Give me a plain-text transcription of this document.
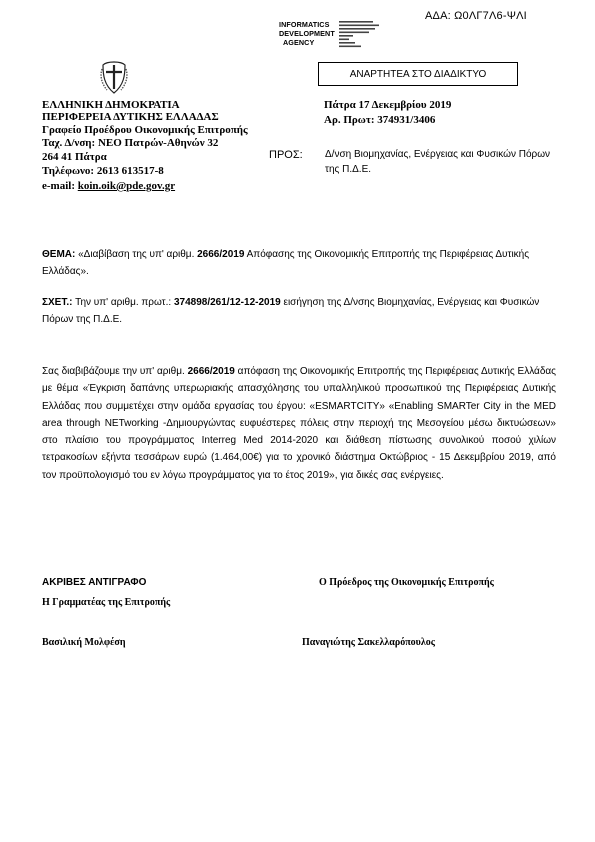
ΑΔΑ: Ω0ΛΓ7Λ6-ΨΛΙ
INFORMATICS
DEVELOPMENT
AGENCY
ΑΝΑΡΤΗΤΕΑ ΣΤΟ ΔΙΑΔΙΚΤΥΟ
ΕΛΛΗΝΙΚΗ ΔΗΜΟΚΡΑΤΙΑ
ΠΕΡΙΦΕΡΕΙΑ ΔΥΤΙΚΗΣ ΕΛΛΑΔΑΣ
Γραφείο Προέδρου Οικονομικής Επιτροπής
Ταχ. Δ/νση: ΝΕΟ Πατρών-Αθηνών 32
264 41 Πάτρα
Τηλέφωνο: 2613 613517-8
e-mail: koin.oik@pde.gov.gr
Πάτρα 17 Δεκεμβρίου 2019
Αρ. Πρωτ: 374931/3406
ΠΡΟΣ: Δ/νση Βιομηχανίας, Ενέργειας και Φυσικών Πόρων της Π.Δ.Ε.
ΘΕΜΑ: «Διαβίβαση της υπ' αριθμ. 2666/2019 Απόφασης της Οικονομικής Επιτροπής της Περιφέρειας Δυτικής Ελλάδας».
ΣΧΕΤ.: Την υπ' αριθμ. πρωτ.: 374898/261/12-12-2019 εισήγηση της Δ/νσης Βιομηχανίας, Ενέργειας και Φυσικών Πόρων της Π.Δ.Ε.
Σας διαβιβάζουμε την υπ' αριθμ. 2666/2019 απόφαση της Οικονομικής Επιτροπής της Περιφέρειας Δυτικής Ελλάδας με θέμα «Έγκριση δαπάνης υπερωριακής απασχόλησης του υπαλληλικού προσωπικού της Περιφέρειας Δυτικής Ελλάδας που συμμετέχει στην ομάδα εργασίας του έργου: «ESMARTCITY» «Enabling SMARTer City in the MED area through NETworking -Δημιουργώντας ευφυέστερες πόλεις στην περιοχή της Μεσογείου μέσω δικτυώσεων» στο πλαίσιο του προγράμματος Interreg Med 2014-2020 και διάθεση πίστωσης συνολικού ποσού χιλίων τετρακοσίων εξήντα τεσσάρων ευρώ (1.464,00€) για το χρονικό διάστημα Οκτώβριος - 15 Δεκεμβρίου 2019, από τον προϋπολογισμό του εν λόγω προγράμματος για το έτος 2019», για δικές σας ενέργειες.
ΑΚΡΙΒΕΣ ΑΝΤΙΓΡΑΦΟ
Η Γραμματέας της Επιτροπής
Βασιλική Μολφέση
Ο Πρόεδρος της Οικονομικής Επιτροπής
Παναγιώτης Σακελλαρόπουλος
